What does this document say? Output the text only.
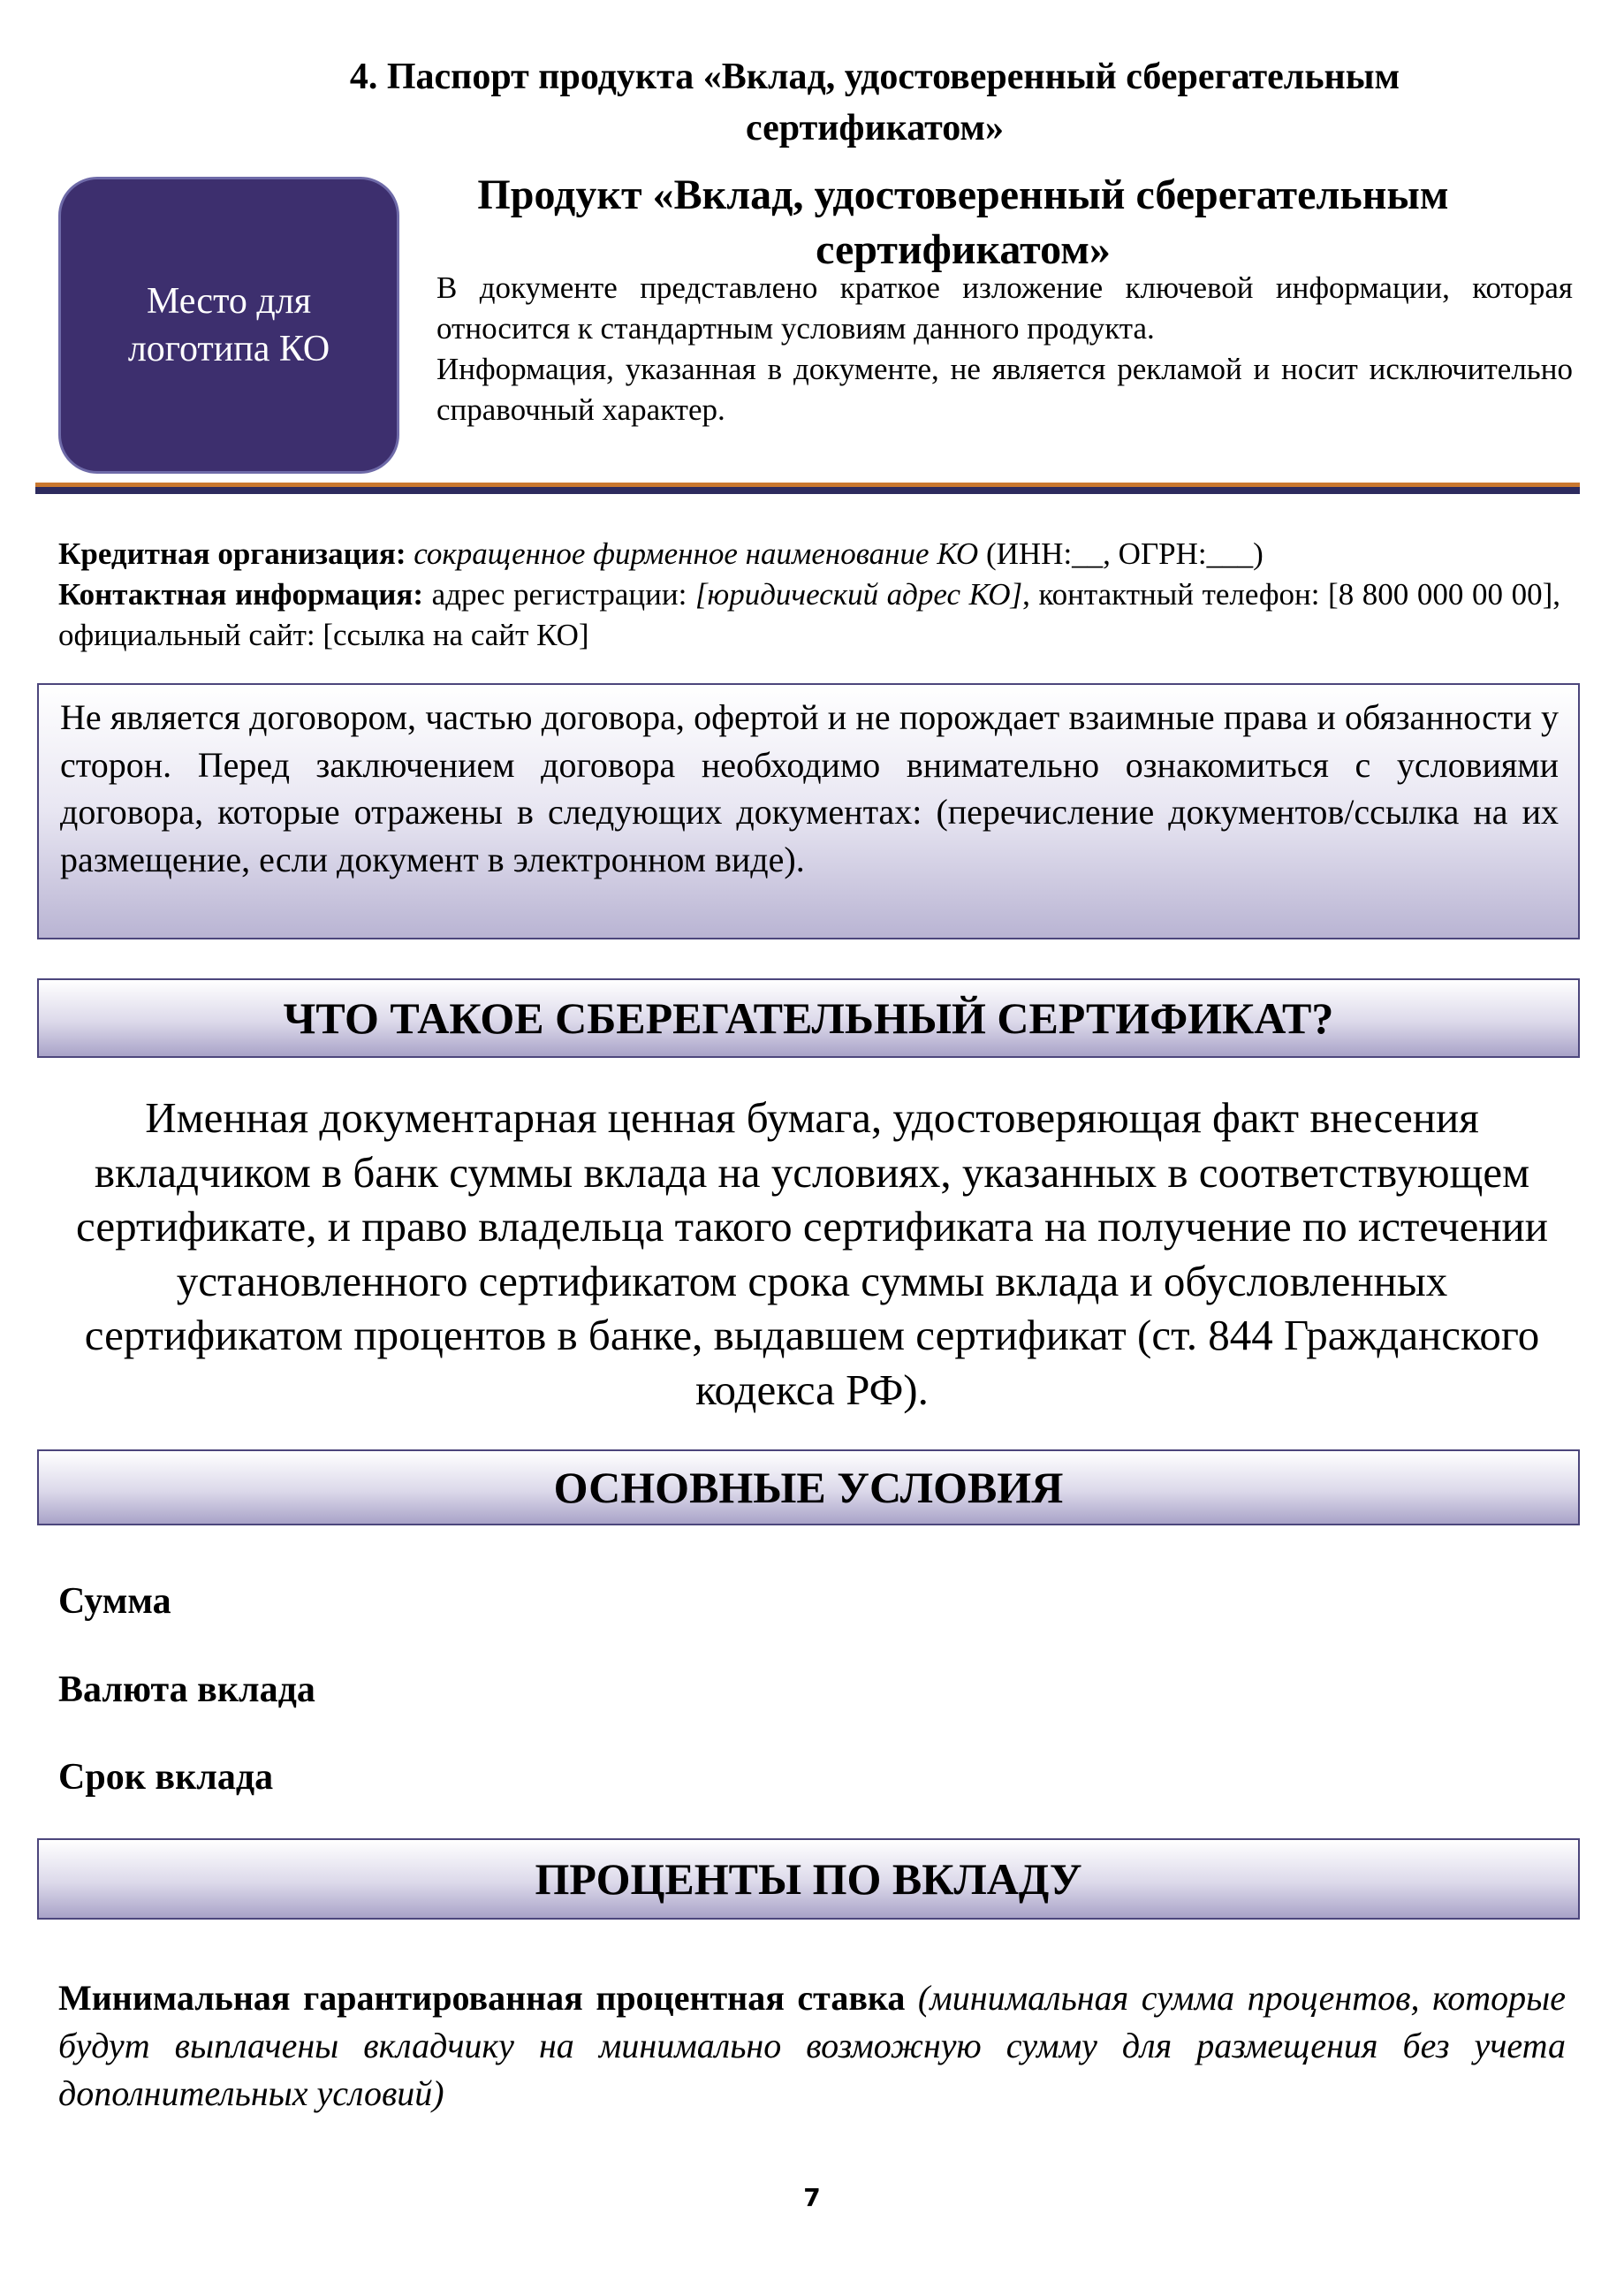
4. Паспорт продукта «Вклад, удостоверенный сберегательным сертификатом»
Место для логотипа КО
Продукт «Вклад, удостоверенный сберегательным сертификатом»

В документе представлено краткое изложение ключевой информации, которая относится к стандартным условиям данного продукта.

Информация, указанная в документе, не является рекламой и носит исключительно справочный характер.

Кредитная организация: сокращенное фирменное наименование КО (ИНН:__, ОГРН:___)

Контактная информация: адрес регистрации: [юридический адрес КО], контактный телефон: [8 800 000 00 00], официальный сайт: [ссылка на сайт КО]

Не является договором, частью договора, офертой и не порождает взаимные права и обязанности у сторон. Перед заключением договора необходимо внимательно ознакомиться с условиями договора, которые отражены в следующих документах: (перечисление документов/ссылка на их размещение, если документ в электронном виде).
ЧТО ТАКОЕ СБЕРЕГАТЕЛЬНЫЙ СЕРТИФИКАТ?
Именная документарная ценная бумага, удостоверяющая факт внесения вкладчиком в банк суммы вклада на условиях, указанных в соответствующем сертификате, и право владельца такого сертификата на получение по истечении установленного сертификатом срока суммы вклада и обусловленных сертификатом процентов в банке, выдавшем сертификат (ст. 844 Гражданского кодекса РФ).
ОСНОВНЫЕ УСЛОВИЯ
Сумма
Валюта вклада
Срок вклада
ПРОЦЕНТЫ ПО ВКЛАДУ
Минимальная гарантированная процентная ставка (минимальная сумма процентов, которые будут выплачены вкладчику на минимально возможную сумму для размещения без учета дополнительных условий)
7
